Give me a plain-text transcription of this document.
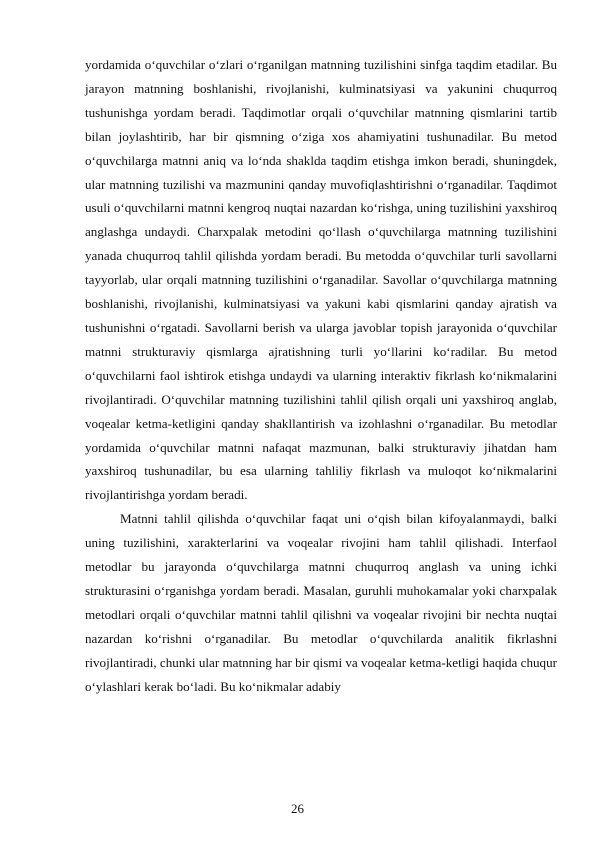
yordamida o‘quvchilar o‘zlari o‘rganilgan matnning tuzilishini sinfga taqdim etadilar. Bu jarayon matnning boshlanishi, rivojlanishi, kulminatsiyasi va yakunini chuqurroq tushunishga yordam beradi. Taqdimotlar orqali o‘quvchilar matnning qismlarini tartib bilan joylashtirib, har bir qismning o‘ziga xos ahamiyatini tushunadilar. Bu metod o‘quvchilarga matnni aniq va lo‘nda shaklda taqdim etishga imkon beradi, shuningdek, ular matnning tuzilishi va mazmunini qanday muvofiqlashtirishni o‘rganadilar. Taqdimot usuli o‘quvchilarni matnni kengroq nuqtai nazardan ko‘rishga, uning tuzilishini yaxshiroq anglashga undaydi. Charxpalak metodini qo‘llash o‘quvchilarga matnning tuzilishini yanada chuqurroq tahlil qilishda yordam beradi. Bu metodda o‘quvchilar turli savollarni tayyorlab, ular orqali matnning tuzilishini o‘rganadilar. Savollar o‘quvchilarga matnning boshlanishi, rivojlanishi, kulminatsiyasi va yakuni kabi qismlarini qanday ajratish va tushunishni o‘rgatadi. Savollarni berish va ularga javoblar topish jarayonida o‘quvchilar matnni strukturaviy qismlarga ajratishning turli yo‘llarini ko‘radilar. Bu metod o‘quvchilarni faol ishtirok etishga undaydi va ularning interaktiv fikrlash ko‘nikmalarini rivojlantiradi. O‘quvchilar matnning tuzilishini tahlil qilish orqali uni yaxshiroq anglab, voqealar ketma-ketligini qanday shakllantirish va izohlashni o‘rganadilar. Bu metodlar yordamida o‘quvchilar matnni nafaqat mazmunan, balki strukturaviy jihatdan ham yaxshiroq tushunadilar, bu esa ularning tahliliy fikrlash va muloqot ko‘nikmalarini rivojlantirishga yordam beradi.

Matnni tahlil qilishda o‘quvchilar faqat uni o‘qish bilan kifoyalanmaydi, balki uning tuzilishini, xarakterlarini va voqealar rivojini ham tahlil qilishadi. Interfaol metodlar bu jarayonda o‘quvchilarga matnni chuqurroq anglash va uning ichki strukturasini o‘rganishga yordam beradi. Masalan, guruhli muhokamalar yoki charxpalak metodlari orqali o‘quvchilar matnni tahlil qilishni va voqealar rivojini bir nechta nuqtai nazardan ko‘rishni o‘rganadilar. Bu metodlar o‘quvchilarda analitik fikrlashni rivojlantiradi, chunki ular matnning har bir qismi va voqealar ketma-ketligi haqida chuqur o‘ylashlari kerak bo‘ladi. Bu ko‘nikmalar adabiy

26
